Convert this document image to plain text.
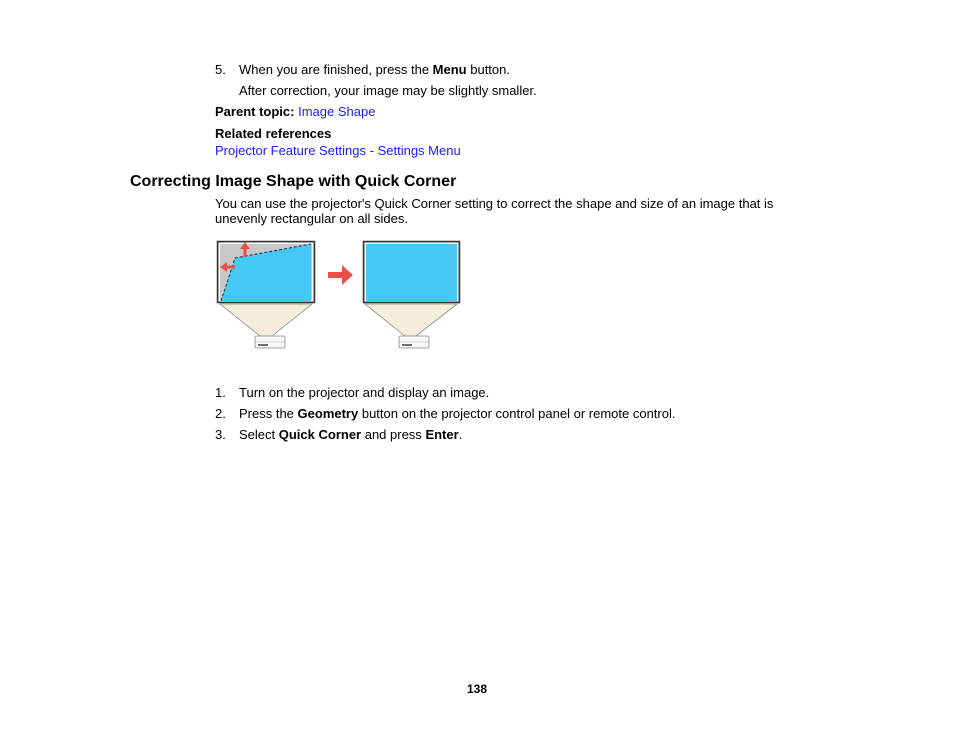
5. When you are finished, press the Menu button.
After correction, your image may be slightly smaller.
Parent topic: Image Shape
Related references
Projector Feature Settings - Settings Menu
Correcting Image Shape with Quick Corner
You can use the projector's Quick Corner setting to correct the shape and size of an image that is
unevenly rectangular on all sides.
1. Turn on the projector and display an image.
2. Press the Geometry button on the projector control panel or remote control.
3. Select Quick Corner and press Enter.
138
